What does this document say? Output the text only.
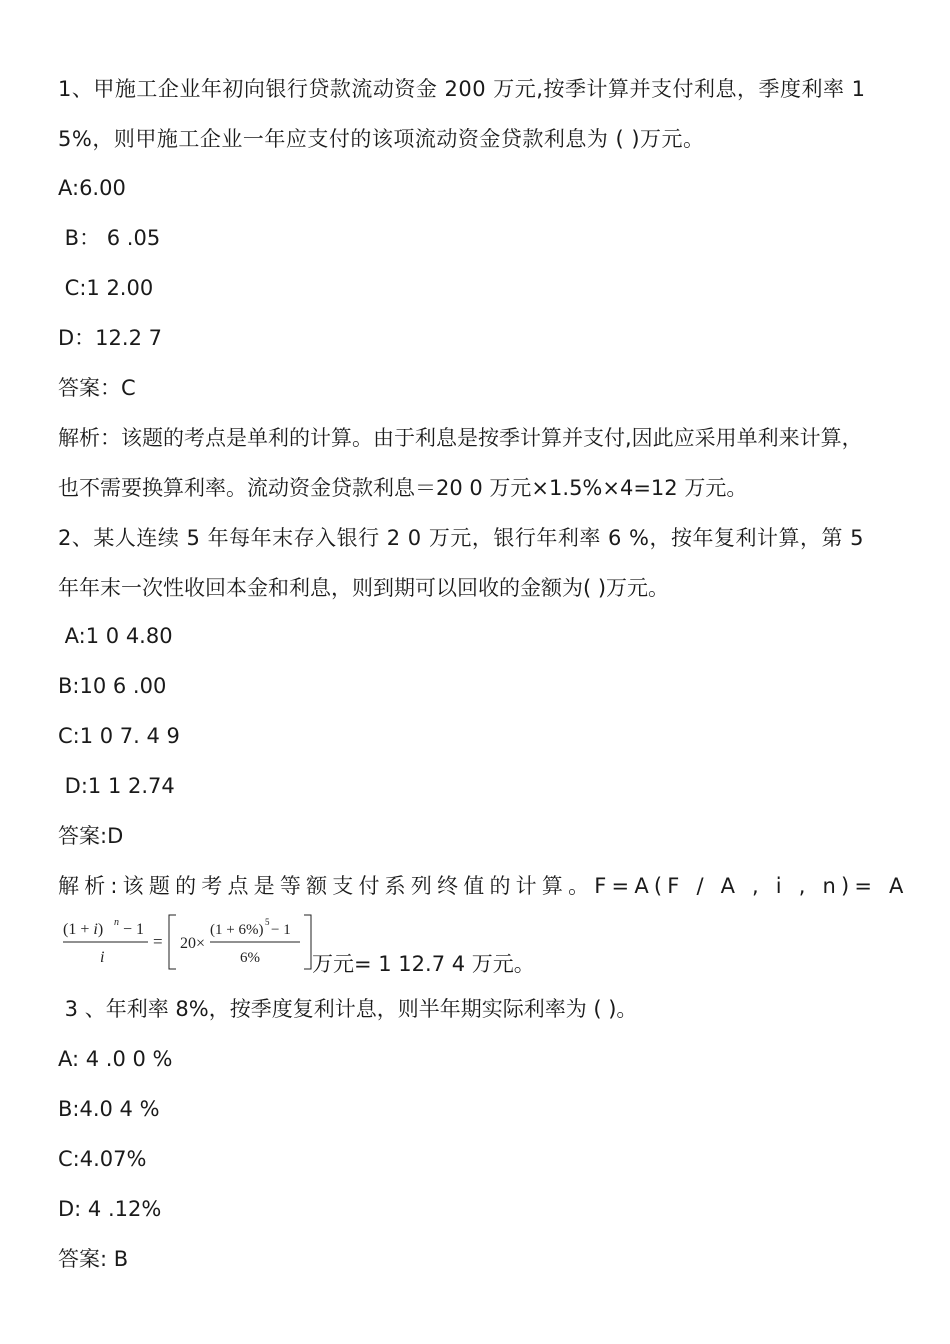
1、甲施工企业年初向银行贷款流动资金 200 万元,按季计算并支付利息，季度利率 1
5%，则甲施工企业一年应支付的该项流动资金贷款利息为 ( )万元。
A:6.00
B： 6 .05
C:1 2.00
D：12.2 7
答案：C
解析：该题的考点是单利的计算。由于利息是按季计算并支付,因此应采用单利来计算，
也不需要换算利率。流动资金贷款利息＝20 0 万元×1.5%×4=12 万元。
2、某人连续 5 年每年末存入银行 2 0 万元，银行年利率 6 %，按年复利计算，第 5
年年末一次性收回本金和利息，则到期可以回收的金额为( )万元。
A:1 0 4.80
B:10 6 .00
C:1 0 7. 4 9
D:1 1 2.74
答案:D
解析:该题的考点是等额支付系列终值的计算。F=A(F / A , i , n)= A
(1 + i) n − 1
i
= 20×
(1 + 6%) 5 − 1
6% 万元= 1 12.7 4 万元。
3 、年利率 8%，按季度复利计息，则半年期实际利率为 ( )。
A: 4 .0 0 %
B:4.0 4 %
C:4.07%
D: 4 .12%
答案: B
